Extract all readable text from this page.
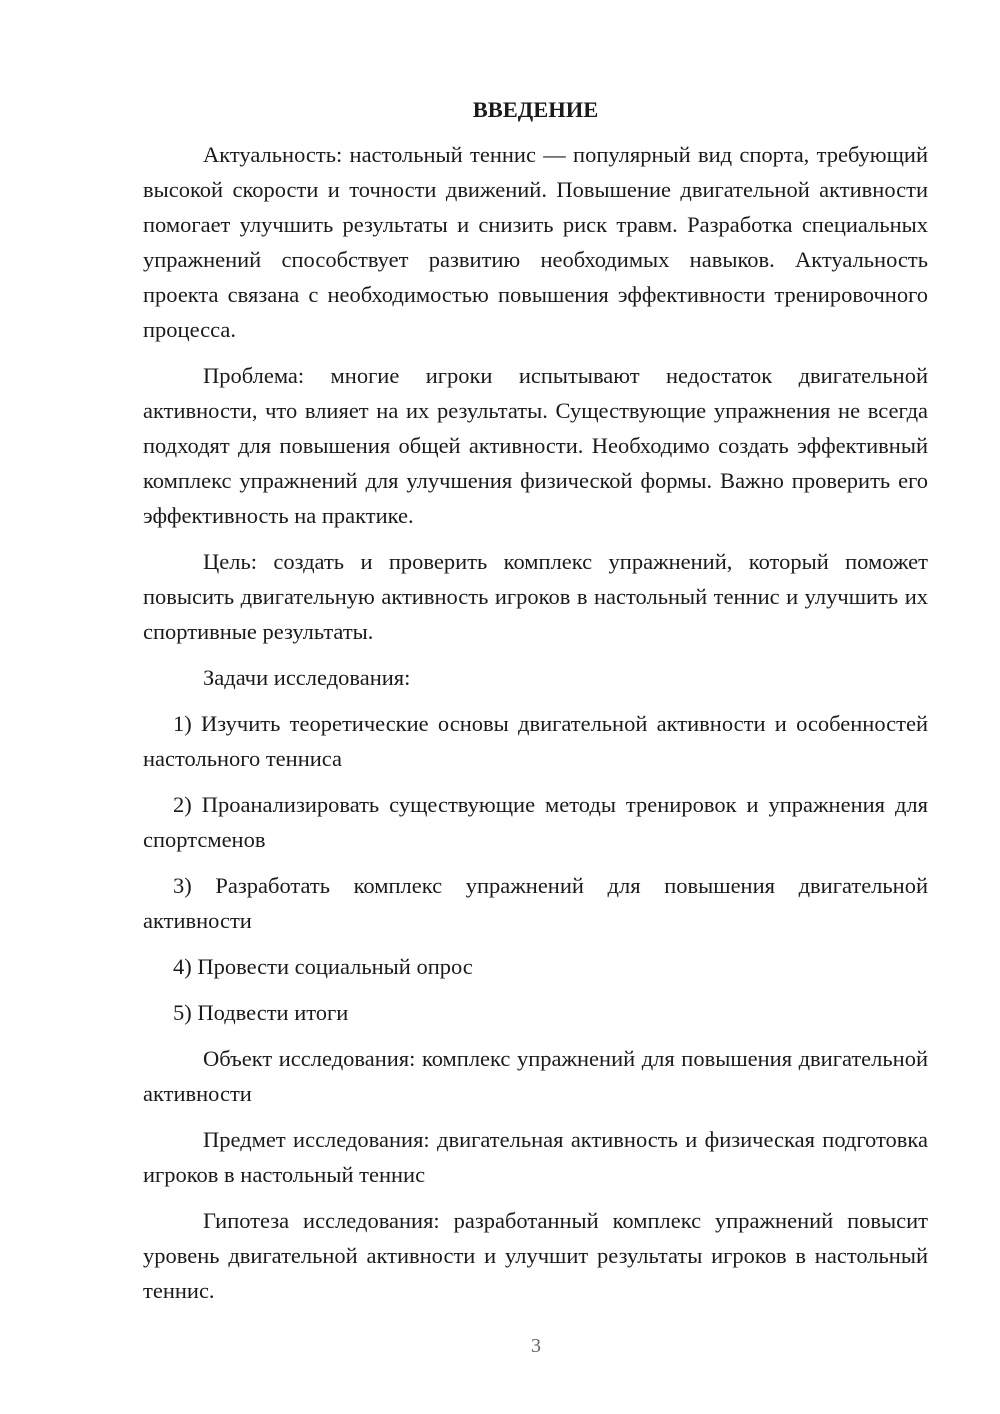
ВВЕДЕНИЕ

Актуальность: настольный теннис — популярный вид спорта, требующий высокой скорости и точности движений. Повышение двигательной активности помогает улучшить результаты и снизить риск травм. Разработка специальных упражнений способствует развитию необходимых навыков. Актуальность проекта связана с необходимостью повышения эффективности тренировочного процесса.

Проблема: многие игроки испытывают недостаток двигательной активности, что влияет на их результаты. Существующие упражнения не всегда подходят для повышения общей активности. Необходимо создать эффективный комплекс упражнений для улучшения физической формы. Важно проверить его эффективность на практике.

Цель: создать и проверить комплекс упражнений, который поможет повысить двигательную активность игроков в настольный теннис и улучшить их спортивные результаты.

Задачи исследования:

1) Изучить теоретические основы двигательной активности и особенностей настольного тенниса

2) Проанализировать существующие методы тренировок и упражнения для спортсменов

3) Разработать комплекс упражнений для повышения двигательной активности

4) Провести социальный опрос

5) Подвести итоги

Объект исследования: комплекс упражнений для повышения двигательной активности

Предмет исследования: двигательная активность и физическая подготовка игроков в настольный теннис

Гипотеза исследования: разработанный комплекс упражнений повысит уровень двигательной активности и улучшит результаты игроков в настольный теннис.

3
